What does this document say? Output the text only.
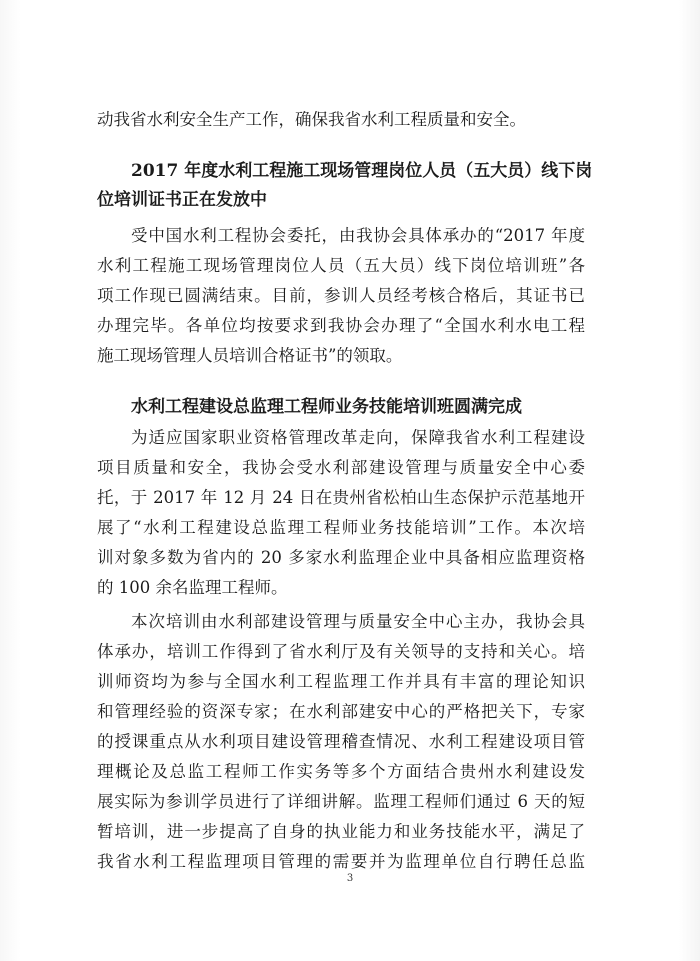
动我省水利安全生产工作，确保我省水利工程质量和安全。
2017 年度水利工程施工现场管理岗位人员（五大员）线下岗
位培训证书正在发放中
受中国水利工程协会委托，由我协会具体承办的“2017 年度
水利工程施工现场管理岗位人员（五大员）线下岗位培训班”各
项工作现已圆满结束。目前，参训人员经考核合格后，其证书已
办理完毕。各单位均按要求到我协会办理了“全国水利水电工程
施工现场管理人员培训合格证书”的领取。
水利工程建设总监理工程师业务技能培训班圆满完成
为适应国家职业资格管理改革走向，保障我省水利工程建设
项目质量和安全，我协会受水利部建设管理与质量安全中心委
托，于 2017 年 12 月 24 日在贵州省松柏山生态保护示范基地开
展了“水利工程建设总监理工程师业务技能培训”工作。本次培
训对象多数为省内的 20 多家水利监理企业中具备相应监理资格
的 100 余名监理工程师。
本次培训由水利部建设管理与质量安全中心主办，我协会具
体承办，培训工作得到了省水利厅及有关领导的支持和关心。培
训师资均为参与全国水利工程监理工作并具有丰富的理论知识
和管理经验的资深专家；在水利部建安中心的严格把关下，专家
的授课重点从水利项目建设管理稽查情况、水利工程建设项目管
理概论及总监工程师工作实务等多个方面结合贵州水利建设发
展实际为参训学员进行了详细讲解。监理工程师们通过 6 天的短
暂培训，进一步提高了自身的执业能力和业务技能水平，满足了
我省水利工程监理项目管理的需要并为监理单位自行聘任总监
3
